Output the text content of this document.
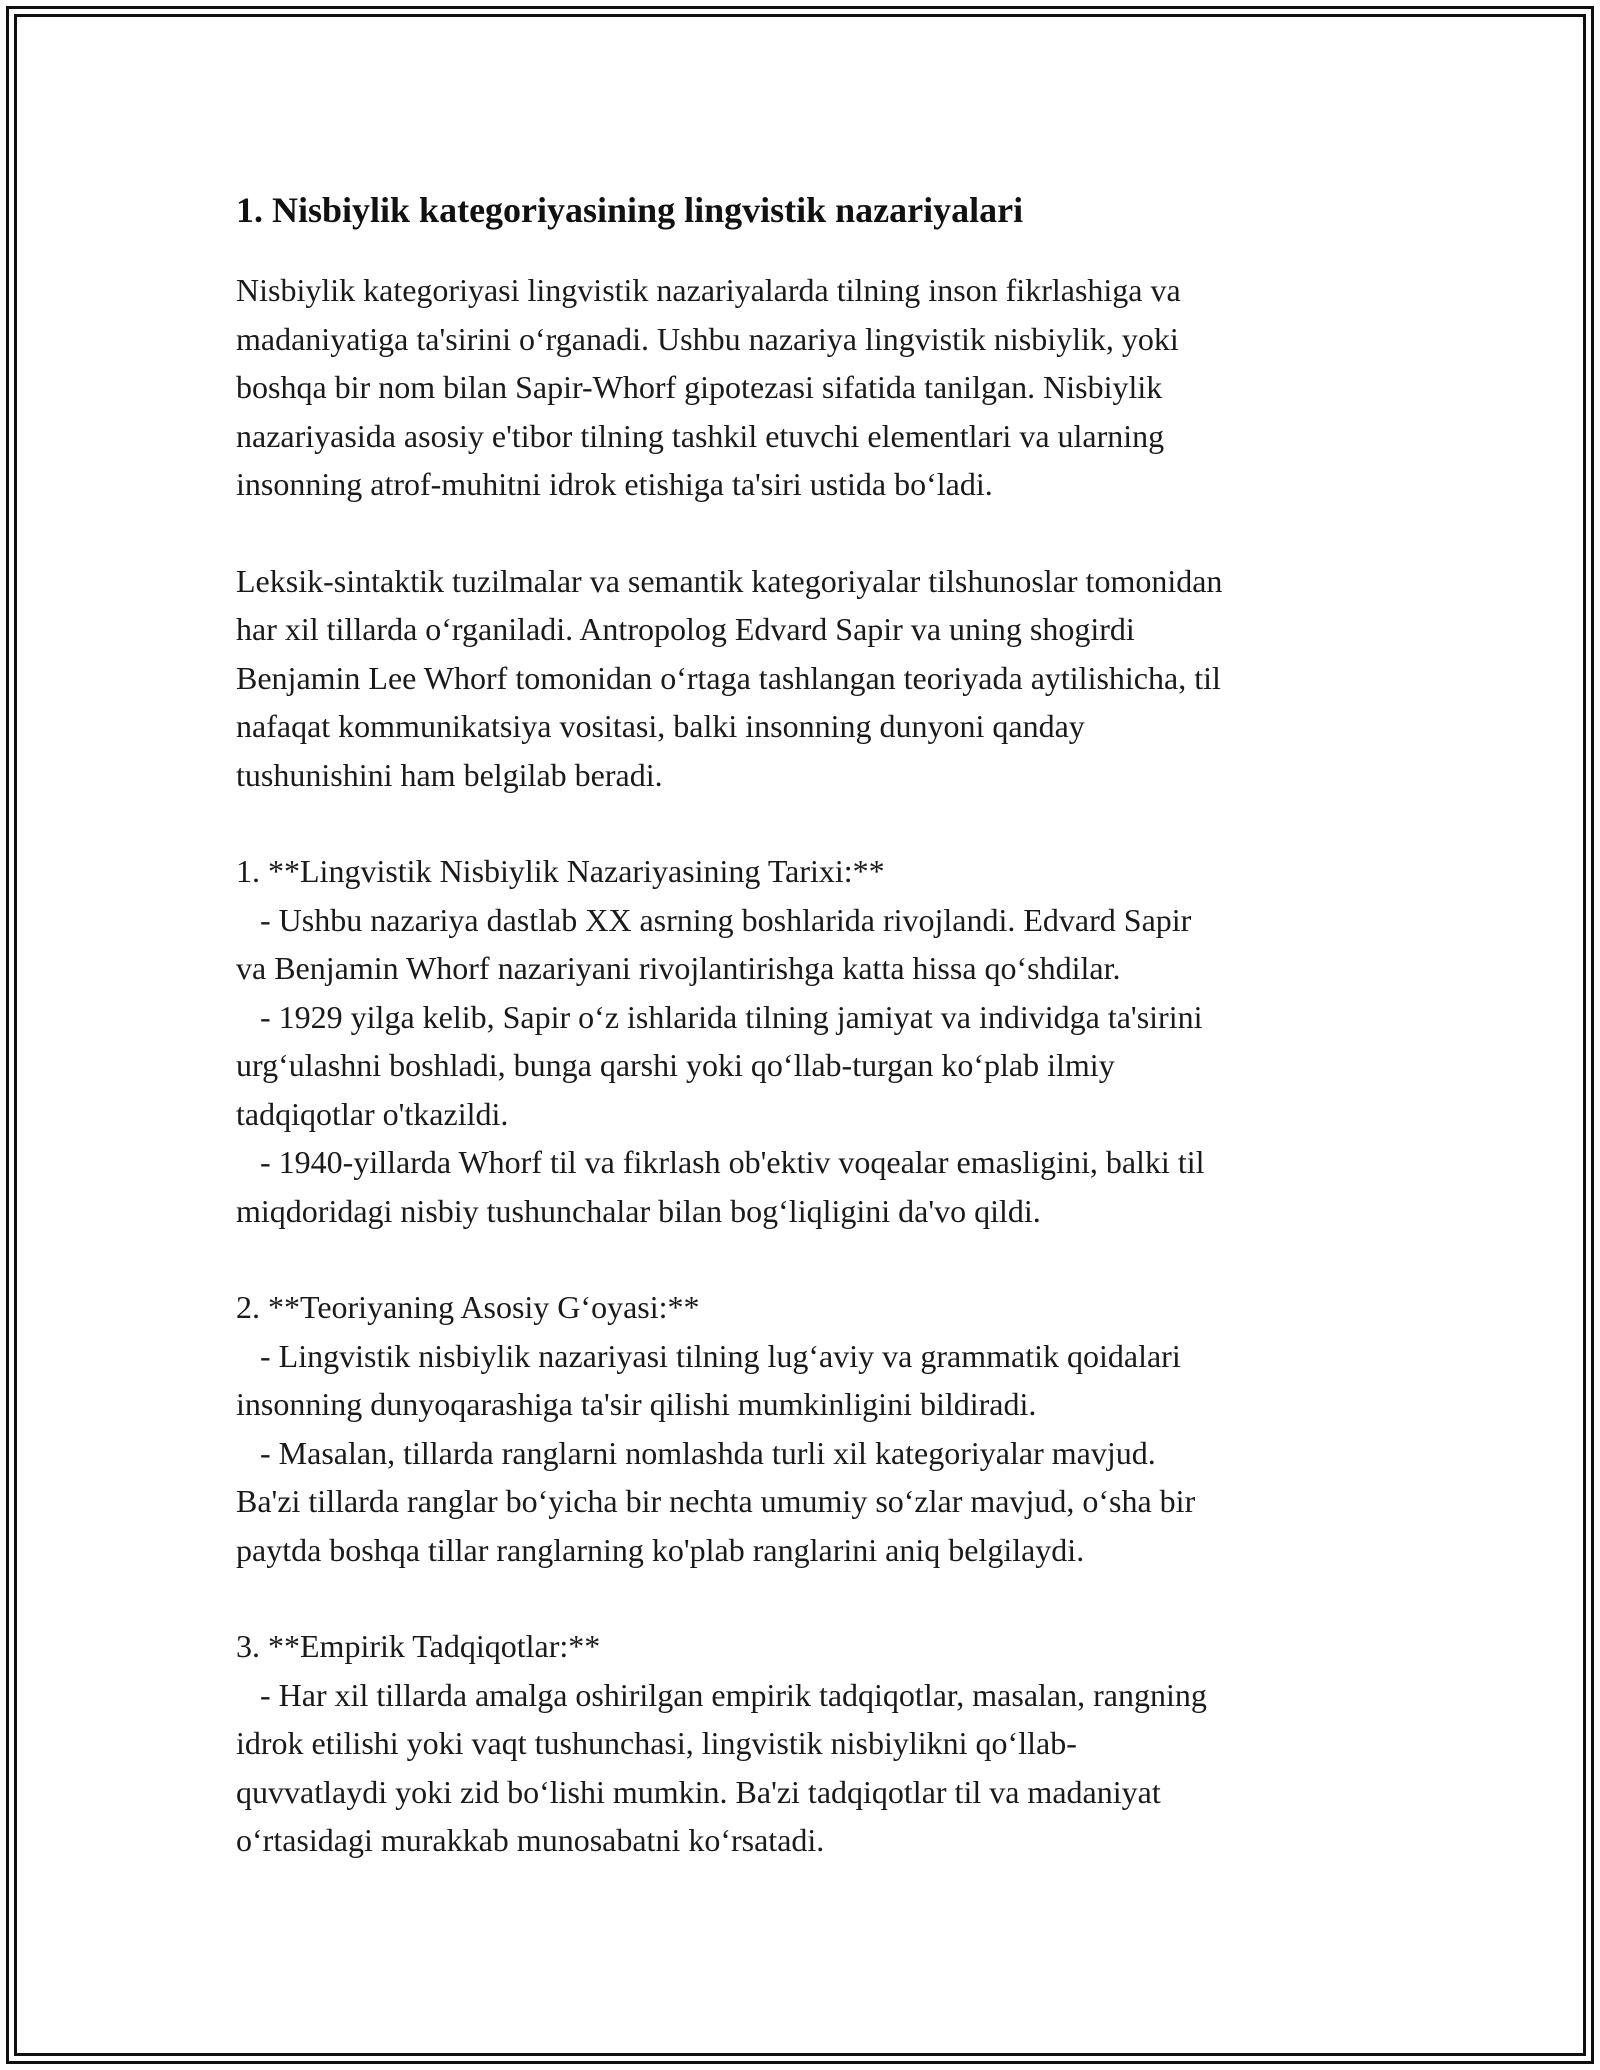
1. Nisbiylik kategoriyasining lingvistik nazariyalari
Nisbiylik kategoriyasi lingvistik nazariyalarda tilning inson fikrlashiga va
madaniyatiga ta'sirini oʻrganadi. Ushbu nazariya lingvistik nisbiylik, yoki
boshqa bir nom bilan Sapir-Whorf gipotezasi sifatida tanilgan. Nisbiylik
nazariyasida asosiy e'tibor tilning tashkil etuvchi elementlari va ularning
insonning atrof-muhitni idrok etishiga ta'siri ustida boʻladi.
Leksik-sintaktik tuzilmalar va semantik kategoriyalar tilshunoslar tomonidan
har xil tillarda oʻrganiladi. Antropolog Edvard Sapir va uning shogirdi
Benjamin Lee Whorf tomonidan oʻrtaga tashlangan teoriyada aytilishicha, til
nafaqat kommunikatsiya vositasi, balki insonning dunyoni qanday
tushunishini ham belgilab beradi.
1. **Lingvistik Nisbiylik Nazariyasining Tarixi:**
- Ushbu nazariya dastlab XX asrning boshlarida rivojlandi. Edvard Sapir
va Benjamin Whorf nazariyani rivojlantirishga katta hissa qoʻshdilar.
- 1929 yilga kelib, Sapir oʻz ishlarida tilning jamiyat va individga ta'sirini
urgʻulashni boshladi, bunga qarshi yoki qoʻllab-turgan koʻplab ilmiy
tadqiqotlar o'tkazildi.
- 1940-yillarda Whorf til va fikrlash ob'ektiv voqealar emasligini, balki til
miqdoridagi nisbiy tushunchalar bilan bogʻliqligini da'vo qildi.
2. **Teoriyaning Asosiy Gʻoyasi:**
- Lingvistik nisbiylik nazariyasi tilning lugʻaviy va grammatik qoidalari
insonning dunyoqarashiga ta'sir qilishi mumkinligini bildiradi.
- Masalan, tillarda ranglarni nomlashda turli xil kategoriyalar mavjud.
Ba'zi tillarda ranglar boʻyicha bir nechta umumiy soʻzlar mavjud, oʻsha bir
paytda boshqa tillar ranglarning ko'plab ranglarini aniq belgilaydi.
3. **Empirik Tadqiqotlar:**
- Har xil tillarda amalga oshirilgan empirik tadqiqotlar, masalan, rangning
idrok etilishi yoki vaqt tushunchasi, lingvistik nisbiylikni qoʻllab-
quvvatlaydi yoki zid boʻlishi mumkin. Ba'zi tadqiqotlar til va madaniyat
oʻrtasidagi murakkab munosabatni koʻrsatadi.
